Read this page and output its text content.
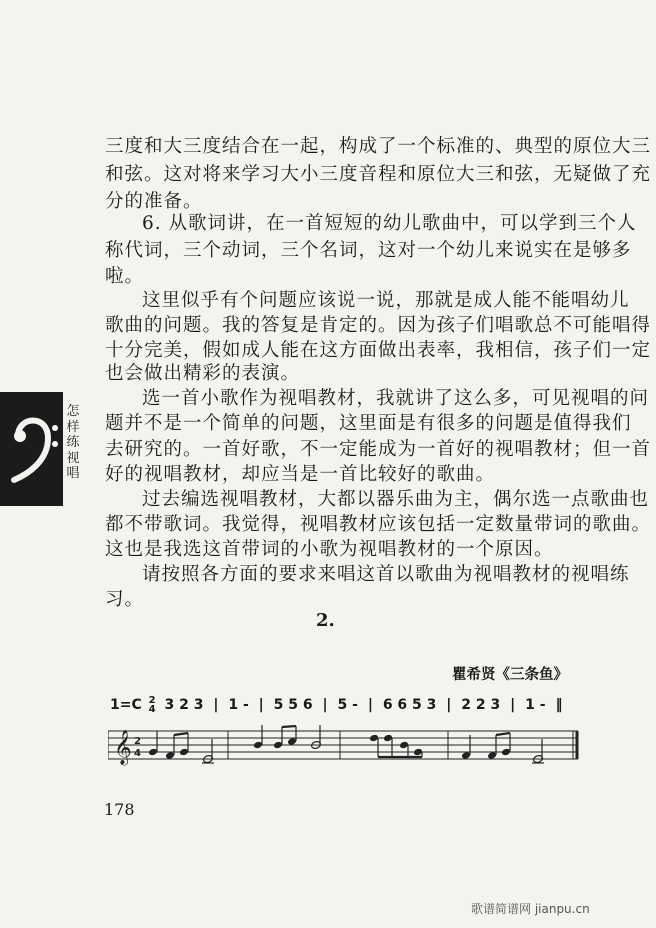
三度和大三度结合在一起，构成了一个标准的、典型的原位大三
和弦。这对将来学习大小三度音程和原位大三和弦，无疑做了充
分的准备。
6. 从歌词讲，在一首短短的幼儿歌曲中，可以学到三个人
称代词，三个动词，三个名词，这对一个幼儿来说实在是够多
啦。
这里似乎有个问题应该说一说，那就是成人能不能唱幼儿
歌曲的问题。我的答复是肯定的。因为孩子们唱歌总不可能唱得
十分完美，假如成人能在这方面做出表率，我相信，孩子们一定
也会做出精彩的表演。
选一首小歌作为视唱教材，我就讲了这么多，可见视唱的问
题并不是一个简单的问题，这里面是有很多的问题是值得我们
去研究的。一首好歌，不一定能成为一首好的视唱教材；但一首
好的视唱教材，却应当是一首比较好的歌曲。
过去编选视唱教材，大都以器乐曲为主，偶尔选一点歌曲也
都不带歌词。我觉得，视唱教材应该包括一定数量带词的歌曲。
这也是我选这首带词的小歌为视唱教材的一个原因。
请按照各方面的要求来唱这首以歌曲为视唱教材的视唱练
习。
怎
样
练
视
唱
2.
瞿希贤《三条鱼》
1=C 2
4 3 2 3 | 1 - | 5 5 6 | 5 - | 6 6 5 3 | 2 2 3 | 1 - ‖
𝄞 2
4
178
歌谱简谱网 jianpu.cn
